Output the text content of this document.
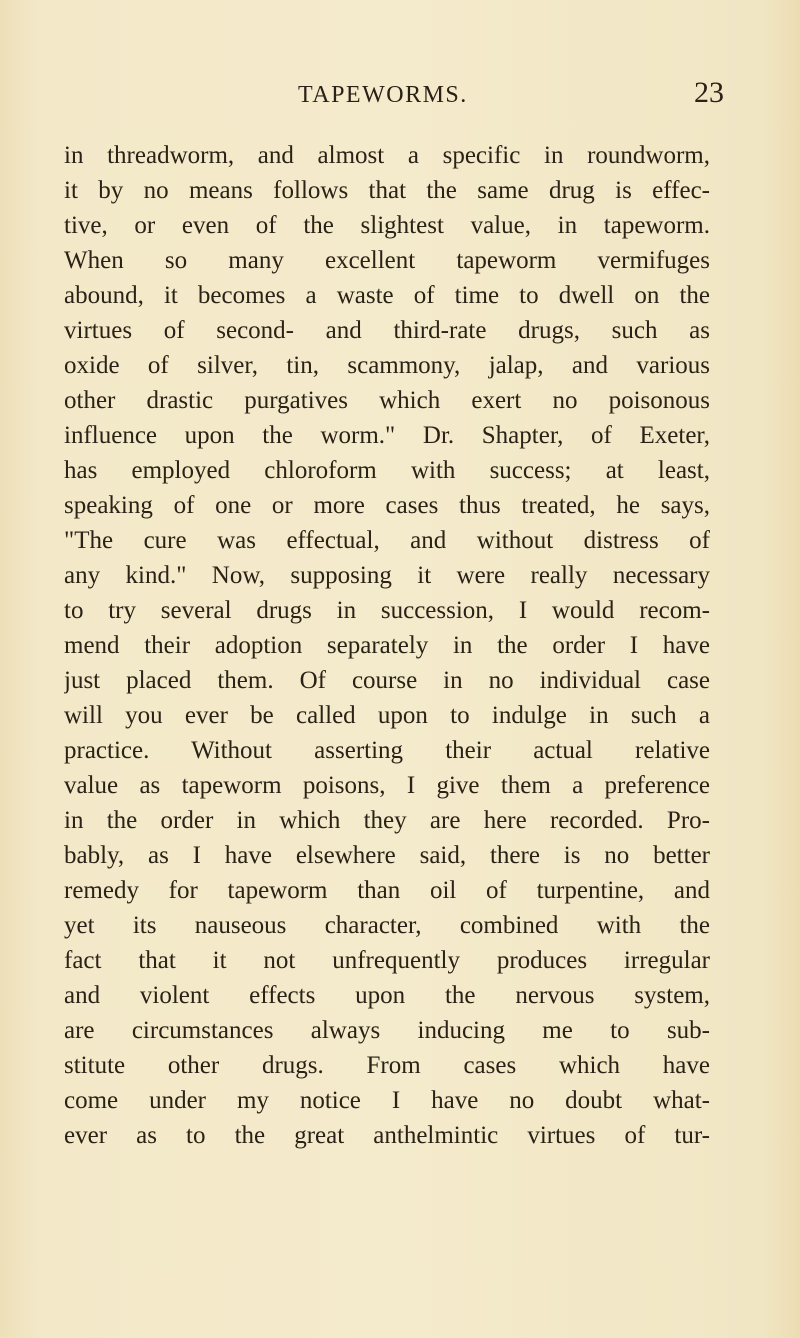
TAPEWORMS.	23
in threadworm, and almost a specific in roundworm,
it by no means follows that the same drug is effec-
tive, or even of the slightest value, in tapeworm.
When so many excellent tapeworm vermifuges
abound, it becomes a waste of time to dwell on the
virtues of second- and third-rate drugs, such as
oxide of silver, tin, scammony, jalap, and various
other drastic purgatives which exert no poisonous
influence upon the worm." Dr. Shapter, of Exeter,
has employed chloroform with success; at least,
speaking of one or more cases thus treated, he says,
"The cure was effectual, and without distress of
any kind." Now, supposing it were really necessary
to try several drugs in succession, I would recom-
mend their adoption separately in the order I have
just placed them. Of course in no individual case
will you ever be called upon to indulge in such a
practice. Without asserting their actual relative
value as tapeworm poisons, I give them a preference
in the order in which they are here recorded. Pro-
bably, as I have elsewhere said, there is no better
remedy for tapeworm than oil of turpentine, and
yet its nauseous character, combined with the
fact that it not unfrequently produces irregular
and violent effects upon the nervous system,
are circumstances always inducing me to sub-
stitute other drugs. From cases which have
come under my notice I have no doubt what-
ever as to the great anthelmintic virtues of tur-
